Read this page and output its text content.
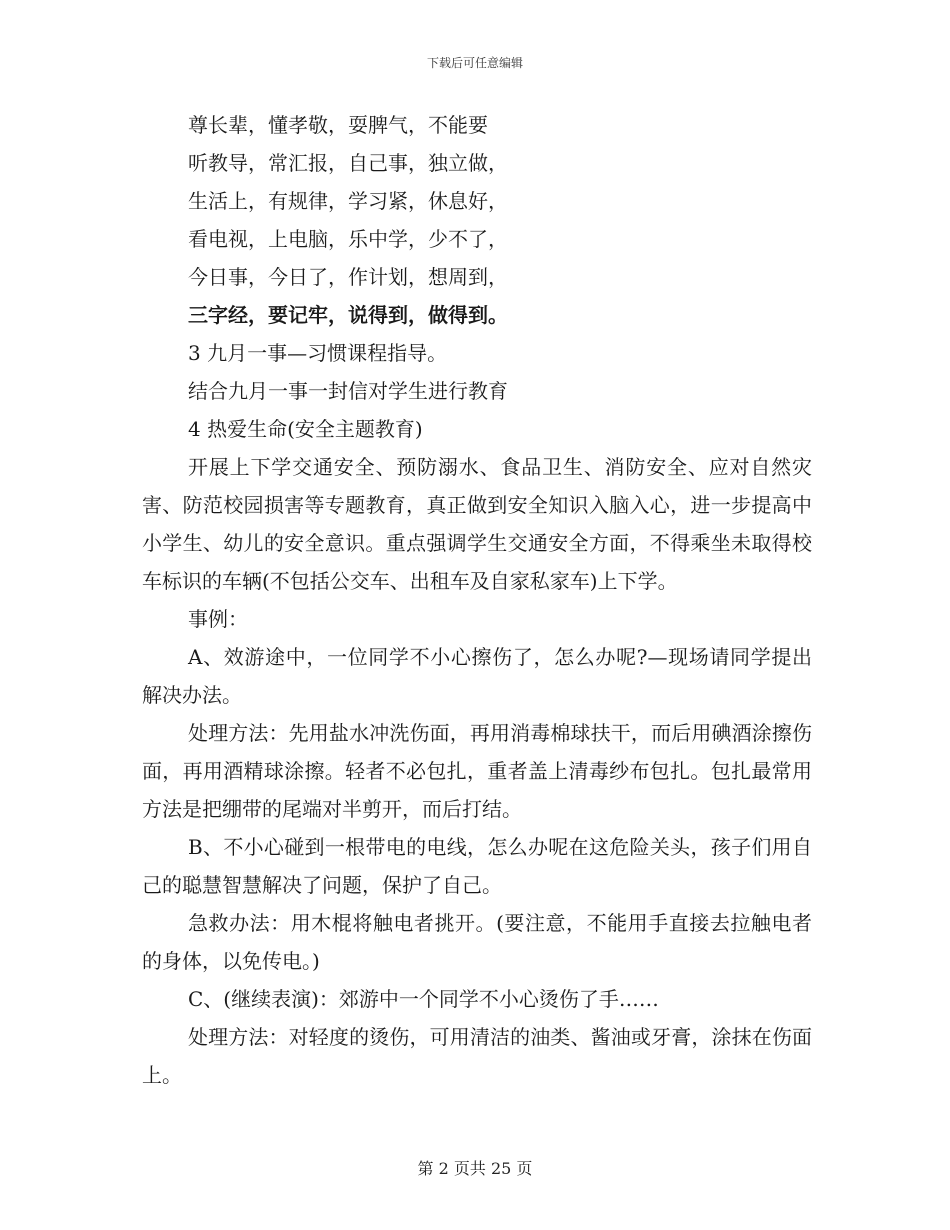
下载后可任意编辑
尊长辈，懂孝敬，耍脾气，不能要
听教导，常汇报，自己事，独立做，
生活上，有规律，学习紧，休息好，
看电视，上电脑，乐中学，少不了，
今日事，今日了，作计划，想周到，
三字经，要记牢，说得到，做得到。
3 九月一事—习惯课程指导。
结合九月一事一封信对学生进行教育
4 热爱生命(安全主题教育)

开展上下学交通安全、预防溺水、食品卫生、消防安全、应对自然灾害、防范校园损害等专题教育，真正做到安全知识入脑入心，进一步提高中小学生、幼儿的安全意识。重点强调学生交通安全方面，不得乘坐未取得校车标识的车辆(不包括公交车、出租车及自家私家车)上下学。

事例：

A、效游途中，一位同学不小心擦伤了，怎么办呢?—现场请同学提出解决办法。

处理方法：先用盐水冲洗伤面，再用消毒棉球扶干，而后用碘酒涂擦伤面，再用酒精球涂擦。轻者不必包扎，重者盖上清毒纱布包扎。包扎最常用方法是把绷带的尾端对半剪开，而后打结。

B、不小心碰到一根带电的电线，怎么办呢在这危险关头，孩子们用自己的聪慧智慧解决了问题，保护了自己。

急救办法：用木棍将触电者挑开。(要注意，不能用手直接去拉触电者的身体，以免传电。)

C、(继续表演)：郊游中一个同学不小心烫伤了手……

处理方法：对轻度的烫伤，可用清洁的油类、酱油或牙膏，涂抹在伤面上。

第 2 页共 25 页
